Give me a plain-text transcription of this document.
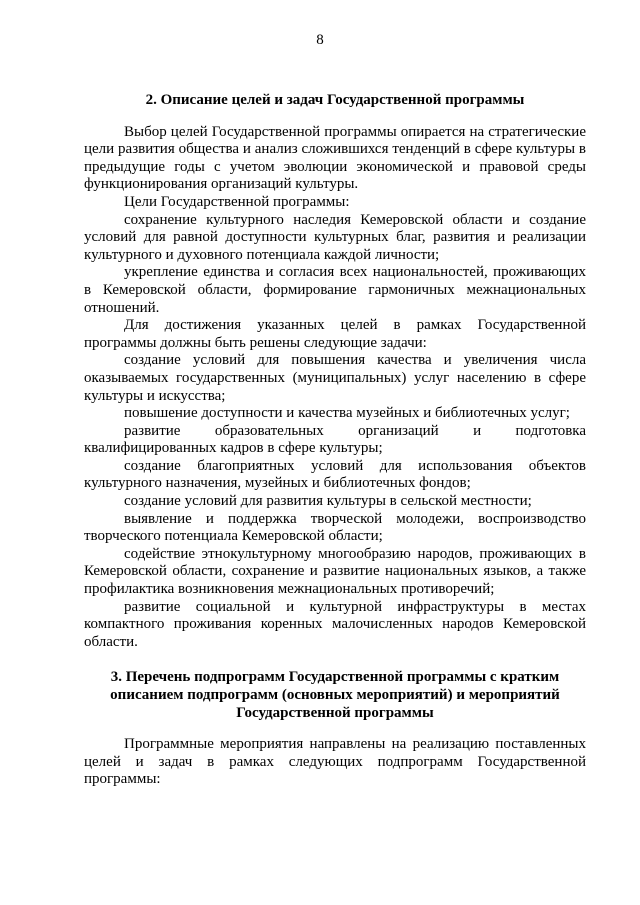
8
2. Описание целей и задач Государственной программы

Выбор целей Государственной программы опирается на стратегические цели развития общества и анализ сложившихся тенденций в сфере культуры в предыдущие годы с учетом эволюции экономической и правовой среды функционирования организаций культуры.

Цели Государственной программы:

сохранение культурного наследия Кемеровской области и создание условий для равной доступности культурных благ, развития и реализации культурного и духовного потенциала каждой личности;

укрепление единства и согласия всех национальностей, проживающих в Кемеровской области, формирование гармоничных межнациональных отношений.

Для достижения указанных целей в рамках Государственной программы должны быть решены следующие задачи:

создание условий для повышения качества и увеличения числа оказываемых государственных (муниципальных) услуг населению в сфере культуры и искусства;

повышение доступности и качества музейных и библиотечных услуг;

развитие образовательных организаций и подготовка квалифицированных кадров в сфере культуры;

создание благоприятных условий для использования объектов культурного назначения, музейных и библиотечных фондов;

создание условий для развития культуры в сельской местности;

выявление и поддержка творческой молодежи, воспроизводство творческого потенциала Кемеровской области;

содействие этнокультурному многообразию народов, проживающих в Кемеровской области, сохранение и развитие национальных языков, а также профилактика возникновения межнациональных противоречий;

развитие социальной и культурной инфраструктуры в местах компактного проживания коренных малочисленных народов Кемеровской области.

3. Перечень подпрограмм Государственной программы с кратким
описанием подпрограмм (основных мероприятий) и мероприятий
Государственной программы

Программные мероприятия направлены на реализацию поставленных целей и задач в рамках следующих подпрограмм Государственной программы:
